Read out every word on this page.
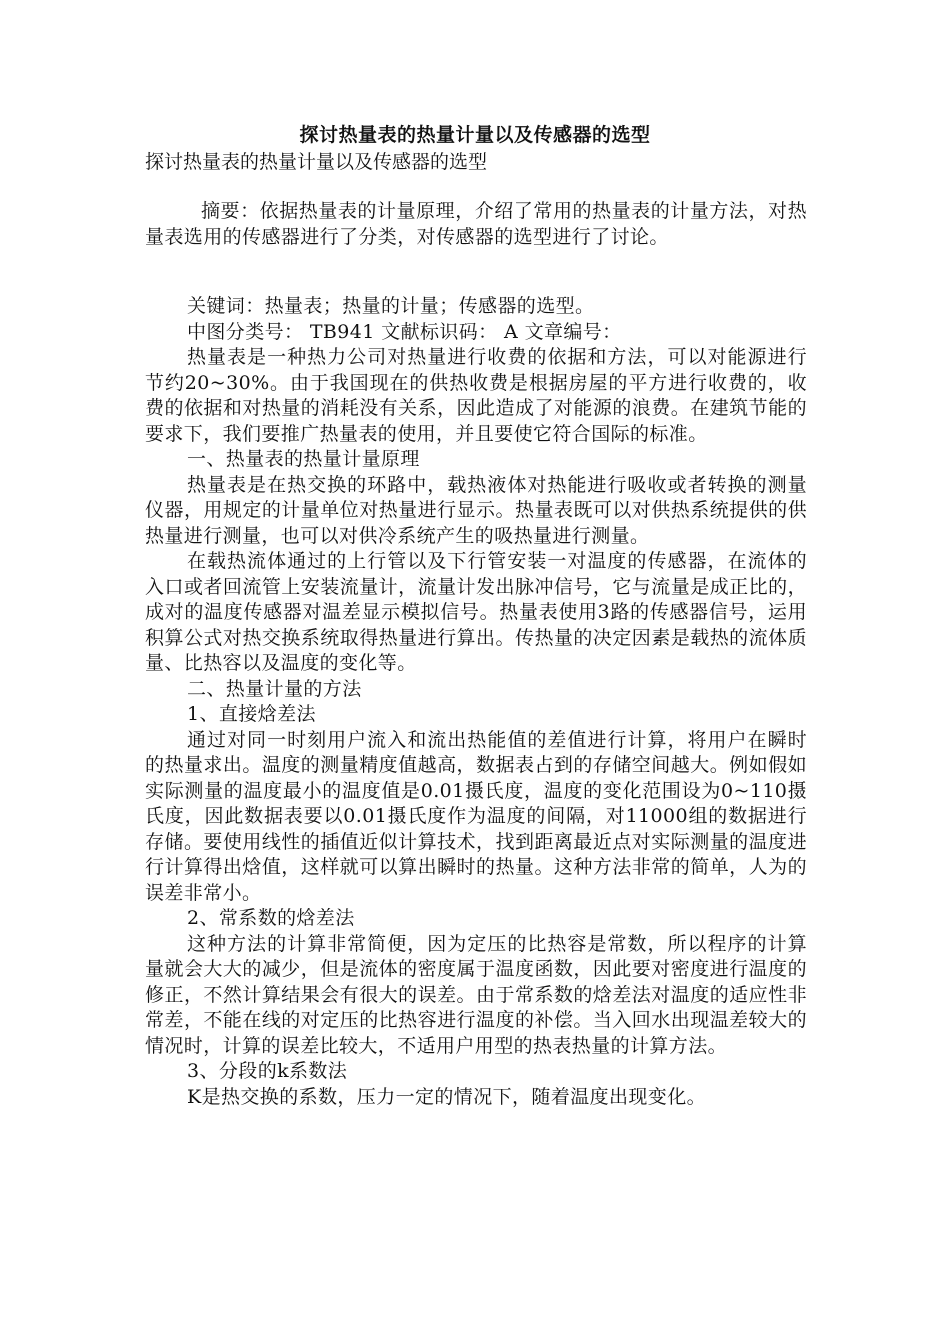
探讨热量表的热量计量以及传感器的选型
探讨热量表的热量计量以及传感器的选型

摘要：依据热量表的计量原理，介绍了常用的热量表的计量方法，对热量表选用的传感器进行了分类，对传感器的选型进行了讨论。

关键词：热量表；热量的计量；传感器的选型。

中图分类号： TB941 文献标识码： A 文章编号：

热量表是一种热力公司对热量进行收费的依据和方法，可以对能源进行节约20~30%。由于我国现在的供热收费是根据房屋的平方进行收费的，收费的依据和对热量的消耗没有关系，因此造成了对能源的浪费。在建筑节能的要求下，我们要推广热量表的使用，并且要使它符合国际的标准。

一、热量表的热量计量原理

热量表是在热交换的环路中，载热液体对热能进行吸收或者转换的测量仪器，用规定的计量单位对热量进行显示。热量表既可以对供热系统提供的供热量进行测量，也可以对供冷系统产生的吸热量进行测量。

在载热流体通过的上行管以及下行管安装一对温度的传感器，在流体的入口或者回流管上安装流量计，流量计发出脉冲信号，它与流量是成正比的，成对的温度传感器对温差显示模拟信号。热量表使用3路的传感器信号，运用积算公式对热交换系统取得热量进行算出。传热量的决定因素是载热的流体质量、比热容以及温度的变化等。

二、热量计量的方法

1、直接焓差法

通过对同一时刻用户流入和流出热能值的差值进行计算，将用户在瞬时的热量求出。温度的测量精度值越高，数据表占到的存储空间越大。例如假如实际测量的温度最小的温度值是0.01摄氏度，温度的变化范围设为0~110摄氏度，因此数据表要以0.01摄氏度作为温度的间隔，对11000组的数据进行存储。要使用线性的插值近似计算技术，找到距离最近点对实际测量的温度进行计算得出焓值，这样就可以算出瞬时的热量。这种方法非常的简单，人为的误差非常小。

2、常系数的焓差法

这种方法的计算非常简便，因为定压的比热容是常数，所以程序的计算量就会大大的减少，但是流体的密度属于温度函数，因此要对密度进行温度的修正，不然计算结果会有很大的误差。由于常系数的焓差法对温度的适应性非常差，不能在线的对定压的比热容进行温度的补偿。当入回水出现温差较大的情况时，计算的误差比较大，不适用户用型的热表热量的计算方法。

3、分段的k系数法

K是热交换的系数，压力一定的情况下，随着温度出现变化。
